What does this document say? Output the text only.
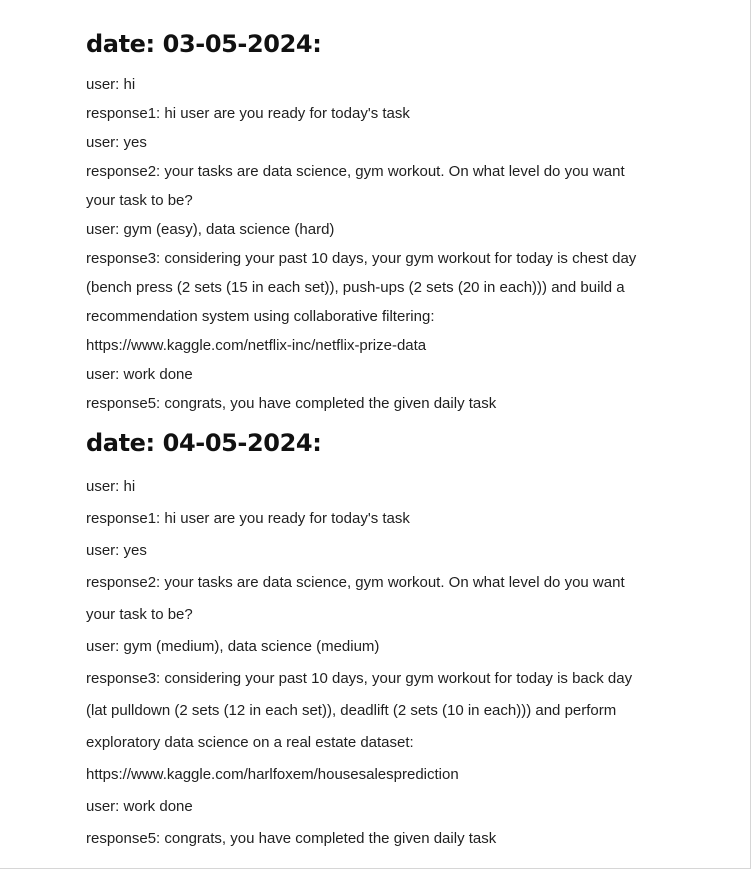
date: 03-05-2024:

user: hi

response1: hi user are you ready for today's task

user: yes

response2: your tasks are data science, gym workout. On what level do you want

your task to be?

user: gym (easy), data science (hard)

response3: considering your past 10 days, your gym workout for today is chest day

(bench press (2 sets (15 in each set)), push-ups (2 sets (20 in each))) and build a

recommendation system using collaborative filtering:

https://www.kaggle.com/netflix-inc/netflix-prize-data

user: work done

response5: congrats, you have completed the given daily task

date: 04-05-2024:

user: hi

response1: hi user are you ready for today's task

user: yes

response2: your tasks are data science, gym workout. On what level do you want

your task to be?

user: gym (medium), data science (medium)

response3: considering your past 10 days, your gym workout for today is back day

(lat pulldown (2 sets (12 in each set)), deadlift (2 sets (10 in each))) and perform

exploratory data science on a real estate dataset:

https://www.kaggle.com/harlfoxem/housesalesprediction

user: work done

response5: congrats, you have completed the given daily task
